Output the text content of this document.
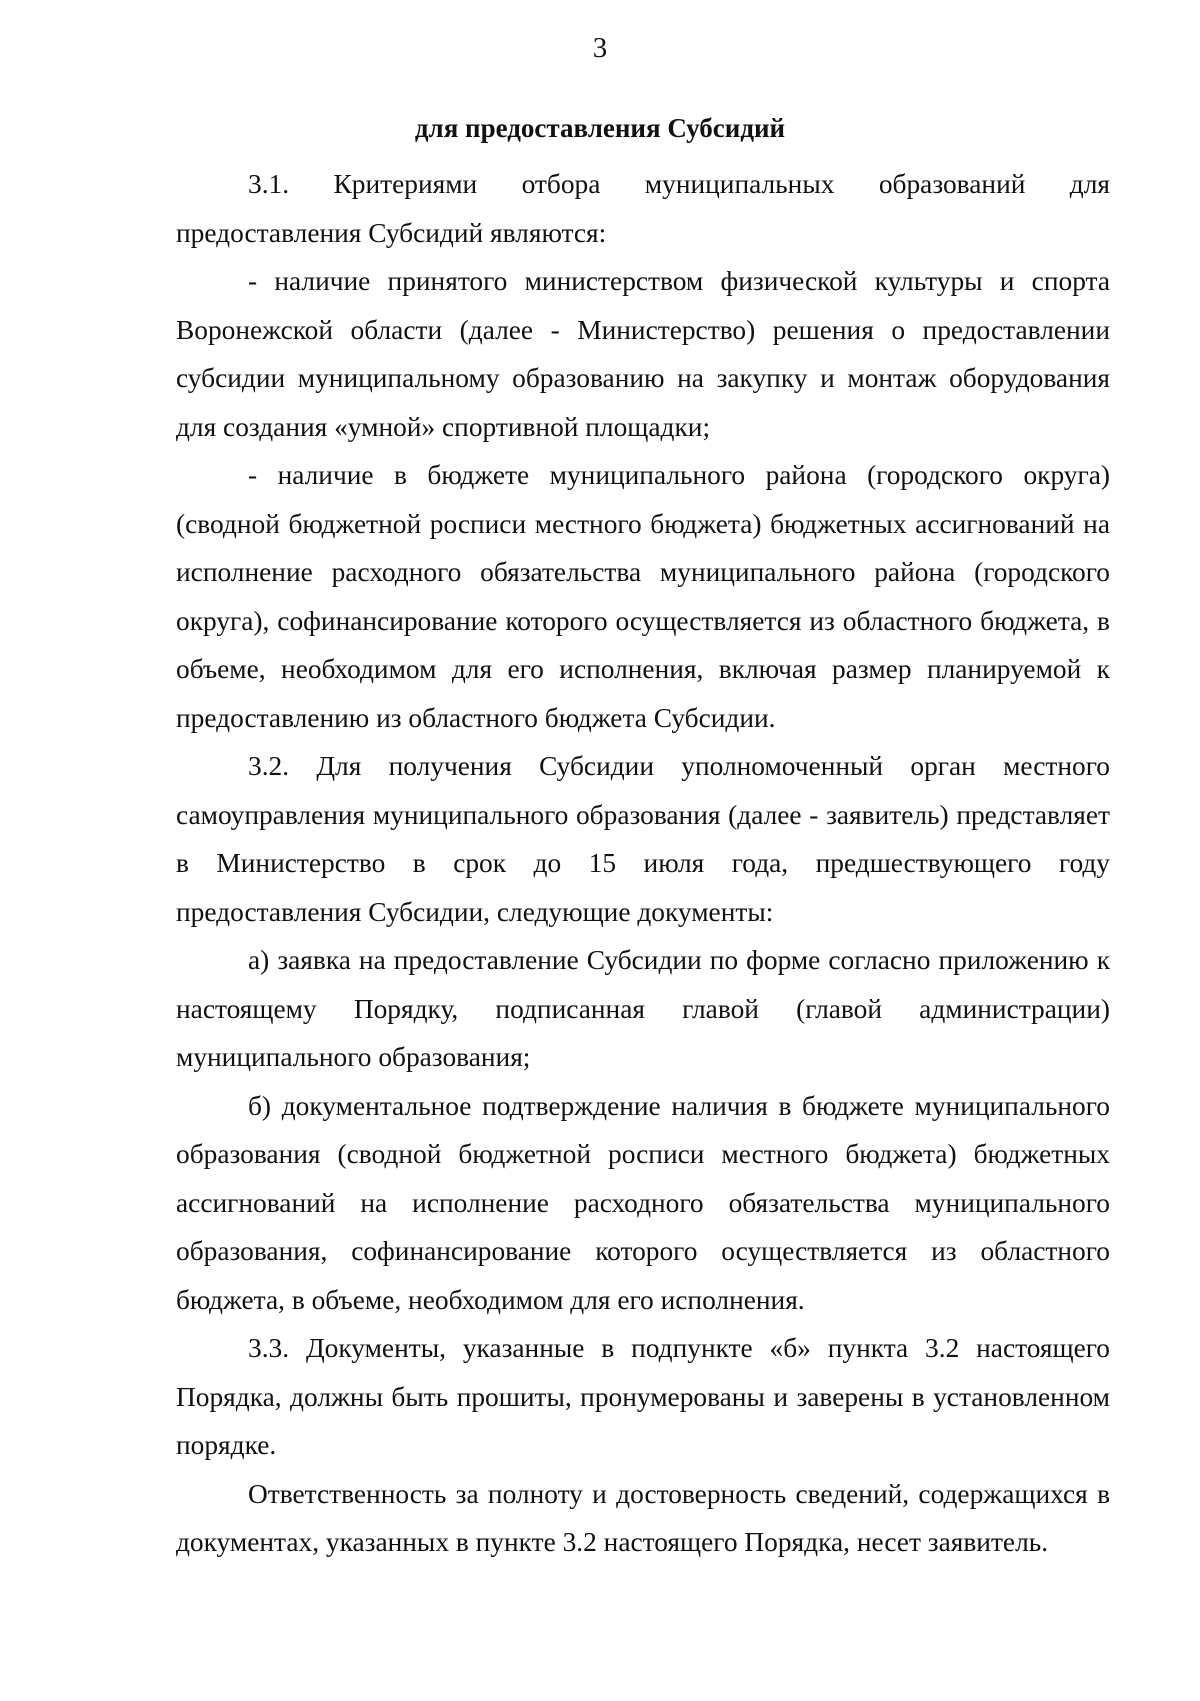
3
для предоставления Субсидий

3.1. Критериями отбора муниципальных образований для предоставления Субсидий являются:

- наличие принятого министерством физической культуры и спорта Воронежской области (далее - Министерство) решения о предоставлении субсидии муниципальному образованию на закупку и монтаж оборудования для создания «умной» спортивной площадки;

- наличие в бюджете муниципального района (городского округа) (сводной бюджетной росписи местного бюджета) бюджетных ассигнований на исполнение расходного обязательства муниципального района (городского округа), софинансирование которого осуществляется из областного бюджета, в объеме, необходимом для его исполнения, включая размер планируемой к предоставлению из областного бюджета Субсидии.

3.2. Для получения Субсидии уполномоченный орган местного самоуправления муниципального образования (далее - заявитель) представляет в Министерство в срок до 15 июля года, предшествующего году предоставления Субсидии, следующие документы:

а) заявка на предоставление Субсидии по форме согласно приложению к настоящему Порядку, подписанная главой (главой администрации) муниципального образования;

б) документальное подтверждение наличия в бюджете муниципального образования (сводной бюджетной росписи местного бюджета) бюджетных ассигнований на исполнение расходного обязательства муниципального образования, софинансирование которого осуществляется из областного бюджета, в объеме, необходимом для его исполнения.

3.3. Документы, указанные в подпункте «б» пункта 3.2 настоящего Порядка, должны быть прошиты, пронумерованы и заверены в установленном порядке.

Ответственность за полноту и достоверность сведений, содержащихся в документах, указанных в пункте 3.2 настоящего Порядка, несет заявитель.
